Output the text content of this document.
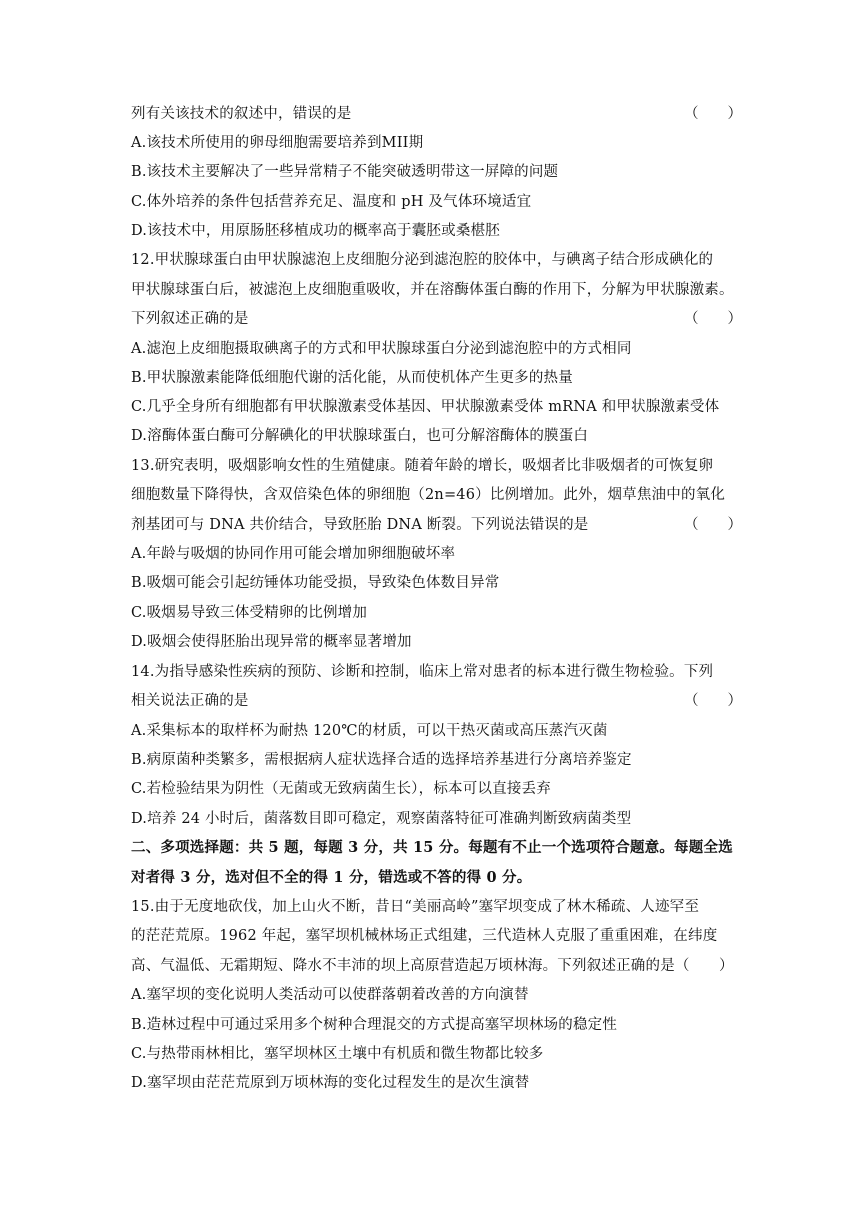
列有关该技术的叙述中，错误的是	（　　）
A.该技术所使用的卵母细胞需要培养到MII期
B.该技术主要解决了一些异常精子不能突破透明带这一屏障的问题
C.体外培养的条件包括营养充足、温度和 pH 及气体环境适宜
D.该技术中，用原肠胚移植成功的概率高于囊胚或桑椹胚
12.甲状腺球蛋白由甲状腺滤泡上皮细胞分泌到滤泡腔的胶体中，与碘离子结合形成碘化的
甲状腺球蛋白后，被滤泡上皮细胞重吸收，并在溶酶体蛋白酶的作用下，分解为甲状腺激素。
下列叙述正确的是	（　　）
A.滤泡上皮细胞摄取碘离子的方式和甲状腺球蛋白分泌到滤泡腔中的方式相同
B.甲状腺激素能降低细胞代谢的活化能，从而使机体产生更多的热量
C.几乎全身所有细胞都有甲状腺激素受体基因、甲状腺激素受体 mRNA 和甲状腺激素受体
D.溶酶体蛋白酶可分解碘化的甲状腺球蛋白，也可分解溶酶体的膜蛋白
13.研究表明，吸烟影响女性的生殖健康。随着年龄的增长，吸烟者比非吸烟者的可恢复卵
细胞数量下降得快，含双倍染色体的卵细胞（2n=46）比例增加。此外，烟草焦油中的氧化
剂基团可与 DNA 共价结合，导致胚胎 DNA 断裂。下列说法错误的是	（　　）
A.年龄与吸烟的协同作用可能会增加卵细胞破坏率
B.吸烟可能会引起纺锤体功能受损，导致染色体数目异常
C.吸烟易导致三体受精卵的比例增加
D.吸烟会使得胚胎出现异常的概率显著增加
14.为指导感染性疾病的预防、诊断和控制，临床上常对患者的标本进行微生物检验。下列
相关说法正确的是	（　　）
A.采集标本的取样杯为耐热 120℃的材质，可以干热灭菌或高压蒸汽灭菌
B.病原菌种类繁多，需根据病人症状选择合适的选择培养基进行分离培养鉴定
C.若检验结果为阴性（无菌或无致病菌生长），标本可以直接丢弃
D.培养 24 小时后，菌落数目即可稳定，观察菌落特征可准确判断致病菌类型
二、多项选择题：共 5 题，每题 3 分，共 15 分。每题有不止一个选项符合题意。每题全选
对者得 3 分，选对但不全的得 1 分，错选或不答的得 0 分。
15.由于无度地砍伐，加上山火不断，昔日“美丽高岭”塞罕坝变成了林木稀疏、人迹罕至
的茫茫荒原。1962 年起，塞罕坝机械林场正式组建，三代造林人克服了重重困难，在纬度
高、气温低、无霜期短、降水不丰沛的坝上高原营造起万顷林海。下列叙述正确的是（　　）
A.塞罕坝的变化说明人类活动可以使群落朝着改善的方向演替
B.造林过程中可通过采用多个树种合理混交的方式提高塞罕坝林场的稳定性
C.与热带雨林相比，塞罕坝林区土壤中有机质和微生物都比较多
D.塞罕坝由茫茫荒原到万顷林海的变化过程发生的是次生演替
